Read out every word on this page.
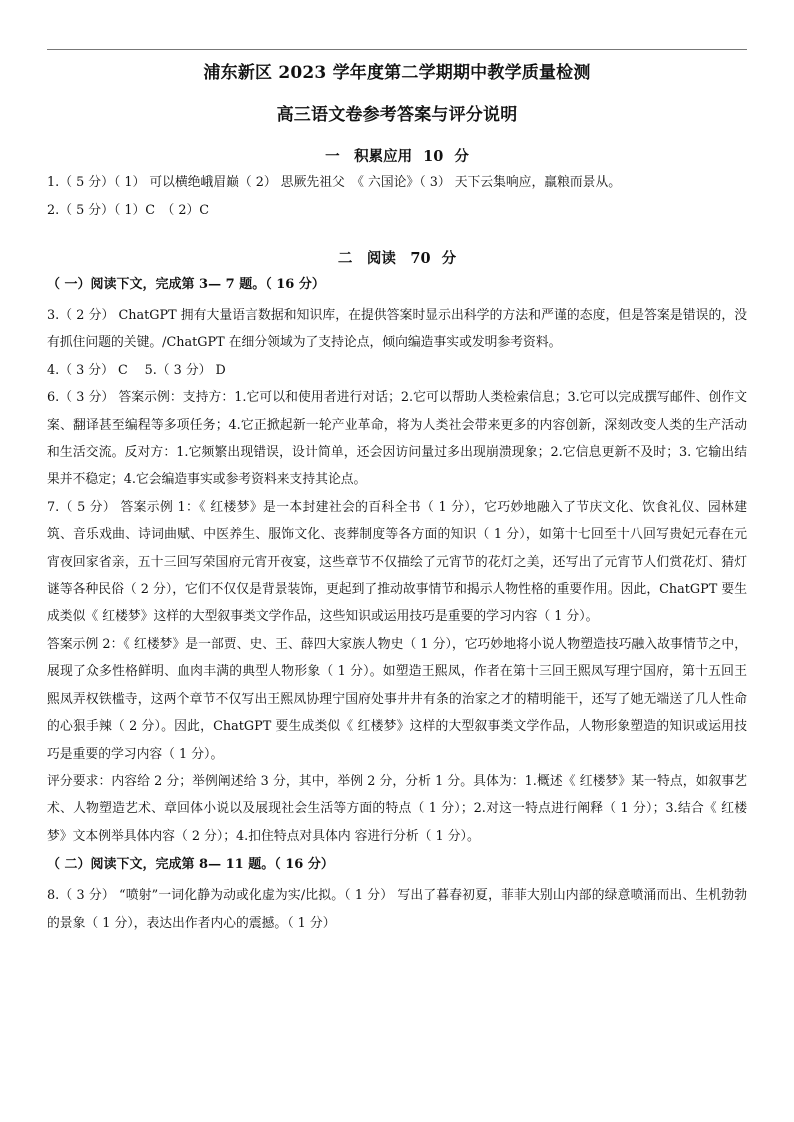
浦东新区 2023 学年度第二学期期中教学质量检测
高三语文卷参考答案与评分说明
一　积累应用 10 分

1.（ 5 分）（ 1） 可以横绝峨眉巅（ 2） 思厥先祖父　《 六国论》（ 3） 天下云集响应，羸粮而景从。

2.（ 5 分）（ 1）C　（ 2）C

二　阅读　70 分
（ 一）阅读下文，完成第 3— 7 题。（ 16 分）

3.（ 2 分） ChatGPT 拥有大量语言数据和知识库，在提供答案时显示出科学的方法和严谨的态度，但是答案是错误的，没有抓住问题的关键。/ChatGPT 在细分领域为了支持论点，倾向编造事实或发明参考资料。

4.（ 3 分） C　 5.（ 3 分） D

6.（ 3 分） 答案示例：支持方：1.它可以和使用者进行对话；2.它可以帮助人类检索信息；3.它可以完成撰写邮件、创作文案、翻译甚至编程等多项任务；4.它正掀起新一轮产业革命，将为人类社会带来更多的内容创新，深刻改变人类的生产活动和生活交流。反对方：1.它频繁出现错误，设计简单，还会因访问量过多出现崩溃现象；2.它信息更新不及时；3. 它输出结果并不稳定；4.它会编造事实或参考资料来支持其论点。

7.（ 5 分） 答案示例 1：《 红楼梦》是一本封建社会的百科全书（ 1 分），它巧妙地融入了节庆文化、饮食礼仪、园林建筑、音乐戏曲、诗词曲赋、中医养生、服饰文化、丧葬制度等各方面的知识（ 1 分），如第十七回至十八回写贵妃元春在元宵夜回家省亲，五十三回写荣国府元宵开夜宴，这些章节不仅描绘了元宵节的花灯之美，还写出了元宵节人们赏花灯、猜灯谜等各种民俗（ 2 分），它们不仅仅是背景装饰，更起到了推动故事情节和揭示人物性格的重要作用。因此，ChatGPT 要生成类似《 红楼梦》这样的大型叙事类文学作品，这些知识或运用技巧是重要的学习内容（ 1 分）。

答案示例 2：《 红楼梦》是一部贾、史、王、薛四大家族人物史（ 1 分），它巧妙地将小说人物塑造技巧融入故事情节之中，展现了众多性格鲜明、血肉丰满的典型人物形象（ 1 分）。如塑造王熙凤，作者在第十三回王熙凤写理宁国府，第十五回王熙凤弄权铁槛寺，这两个章节不仅写出王熙凤协理宁国府处事井井有条的治家之才的精明能干，还写了她无端送了几人性命的心狠手辣（ 2 分）。因此，ChatGPT 要生成类似《 红楼梦》这样的大型叙事类文学作品，人物形象塑造的知识或运用技巧是重要的学习内容（ 1 分）。

评分要求：内容给 2 分；举例阐述给 3 分，其中，举例 2 分，分析 1 分。具体为：1.概述《 红楼梦》某一特点，如叙事艺术、人物塑造艺术、章回体小说以及展现社会生活等方面的特点（ 1 分）；2.对这一特点进行阐释（ 1 分）；3.结合《 红楼梦》文本例举具体内容（ 2 分）；4.扣住特点对具体内 容进行分析（ 1 分）。

（ 二）阅读下文，完成第 8— 11 题。（ 16 分）

8.（ 3 分） “喷射”一词化静为动或化虚为实/比拟。（ 1 分） 写出了暮春初夏，菲菲大别山内部的绿意喷涌而出、生机勃勃的景象（ 1 分），表达出作者内心的震撼。（ 1 分）
